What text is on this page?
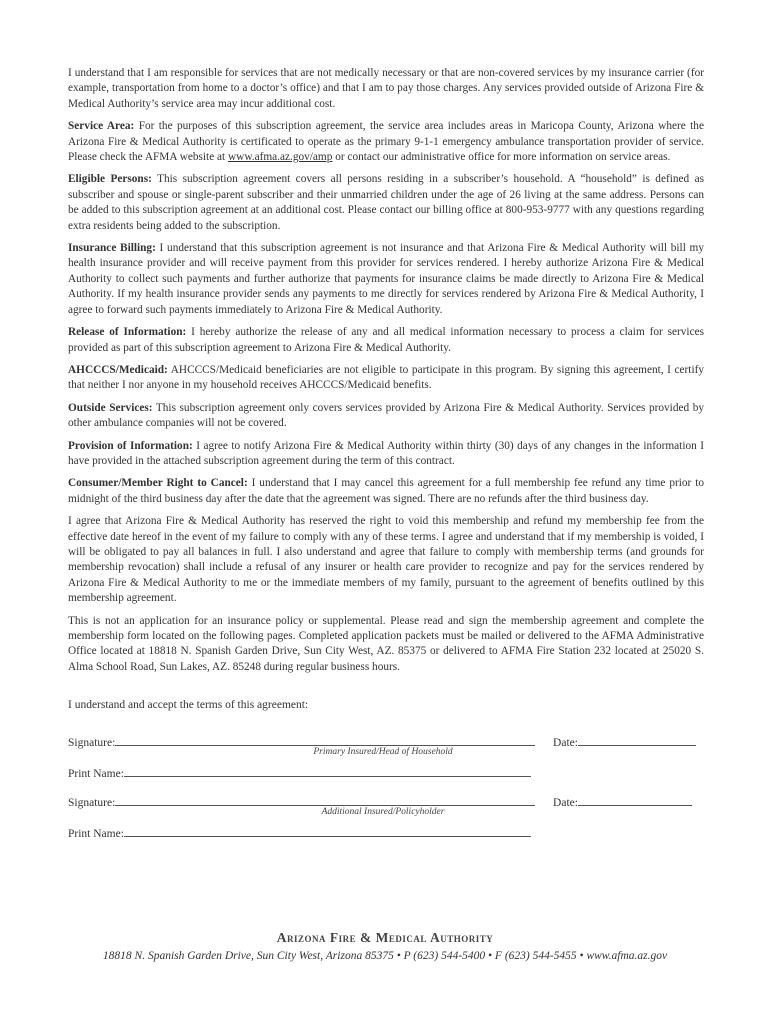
I understand that I am responsible for services that are not medically necessary or that are non-covered services by my insurance carrier (for example, transportation from home to a doctor’s office) and that I am to pay those charges. Any services provided outside of Arizona Fire & Medical Authority’s service area may incur additional cost.

Service Area: For the purposes of this subscription agreement, the service area includes areas in Maricopa County, Arizona where the Arizona Fire & Medical Authority is certificated to operate as the primary 9-1-1 emergency ambulance transportation provider of service. Please check the AFMA website at www.afma.az.gov/amp or contact our administrative office for more information on service areas.

Eligible Persons: This subscription agreement covers all persons residing in a subscriber’s household. A “household” is defined as subscriber and spouse or single-parent subscriber and their unmarried children under the age of 26 living at the same address. Persons can be added to this subscription agreement at an additional cost. Please contact our billing office at 800-953-9777 with any questions regarding extra residents being added to the subscription.

Insurance Billing: I understand that this subscription agreement is not insurance and that Arizona Fire & Medical Authority will bill my health insurance provider and will receive payment from this provider for services rendered. I hereby authorize Arizona Fire & Medical Authority to collect such payments and further authorize that payments for insurance claims be made directly to Arizona Fire & Medical Authority. If my health insurance provider sends any payments to me directly for services rendered by Arizona Fire & Medical Authority, I agree to forward such payments immediately to Arizona Fire & Medical Authority.

Release of Information: I hereby authorize the release of any and all medical information necessary to process a claim for services provided as part of this subscription agreement to Arizona Fire & Medical Authority.

AHCCCS/Medicaid: AHCCCS/Medicaid beneficiaries are not eligible to participate in this program. By signing this agreement, I certify that neither I nor anyone in my household receives AHCCCS/Medicaid benefits.

Outside Services: This subscription agreement only covers services provided by Arizona Fire & Medical Authority. Services provided by other ambulance companies will not be covered.

Provision of Information: I agree to notify Arizona Fire & Medical Authority within thirty (30) days of any changes in the information I have provided in the attached subscription agreement during the term of this contract.

Consumer/Member Right to Cancel: I understand that I may cancel this agreement for a full membership fee refund any time prior to midnight of the third business day after the date that the agreement was signed. There are no refunds after the third business day.

I agree that Arizona Fire & Medical Authority has reserved the right to void this membership and refund my membership fee from the effective date hereof in the event of my failure to comply with any of these terms. I agree and understand that if my membership is voided, I will be obligated to pay all balances in full. I also understand and agree that failure to comply with membership terms (and grounds for membership revocation) shall include a refusal of any insurer or health care provider to recognize and pay for the services rendered by Arizona Fire & Medical Authority to me or the immediate members of my family, pursuant to the agreement of benefits outlined by this membership agreement.

This is not an application for an insurance policy or supplemental. Please read and sign the membership agreement and complete the membership form located on the following pages. Completed application packets must be mailed or delivered to the AFMA Administrative Office located at 18818 N. Spanish Garden Drive, Sun City West, AZ. 85375 or delivered to AFMA Fire Station 232 located at 25020 S. Alma School Road, Sun Lakes, AZ. 85248 during regular business hours.

I understand and accept the terms of this agreement:
Signature:	Date:
Primary Insured/Head of Household
Print Name:
Signature:	Date:
Additional Insured/Policyholder
Print Name:
Arizona Fire & Medical Authority
18818 N. Spanish Garden Drive, Sun City West, Arizona 85375 • P (623) 544-5400 • F (623) 544-5455 • www.afma.az.gov
